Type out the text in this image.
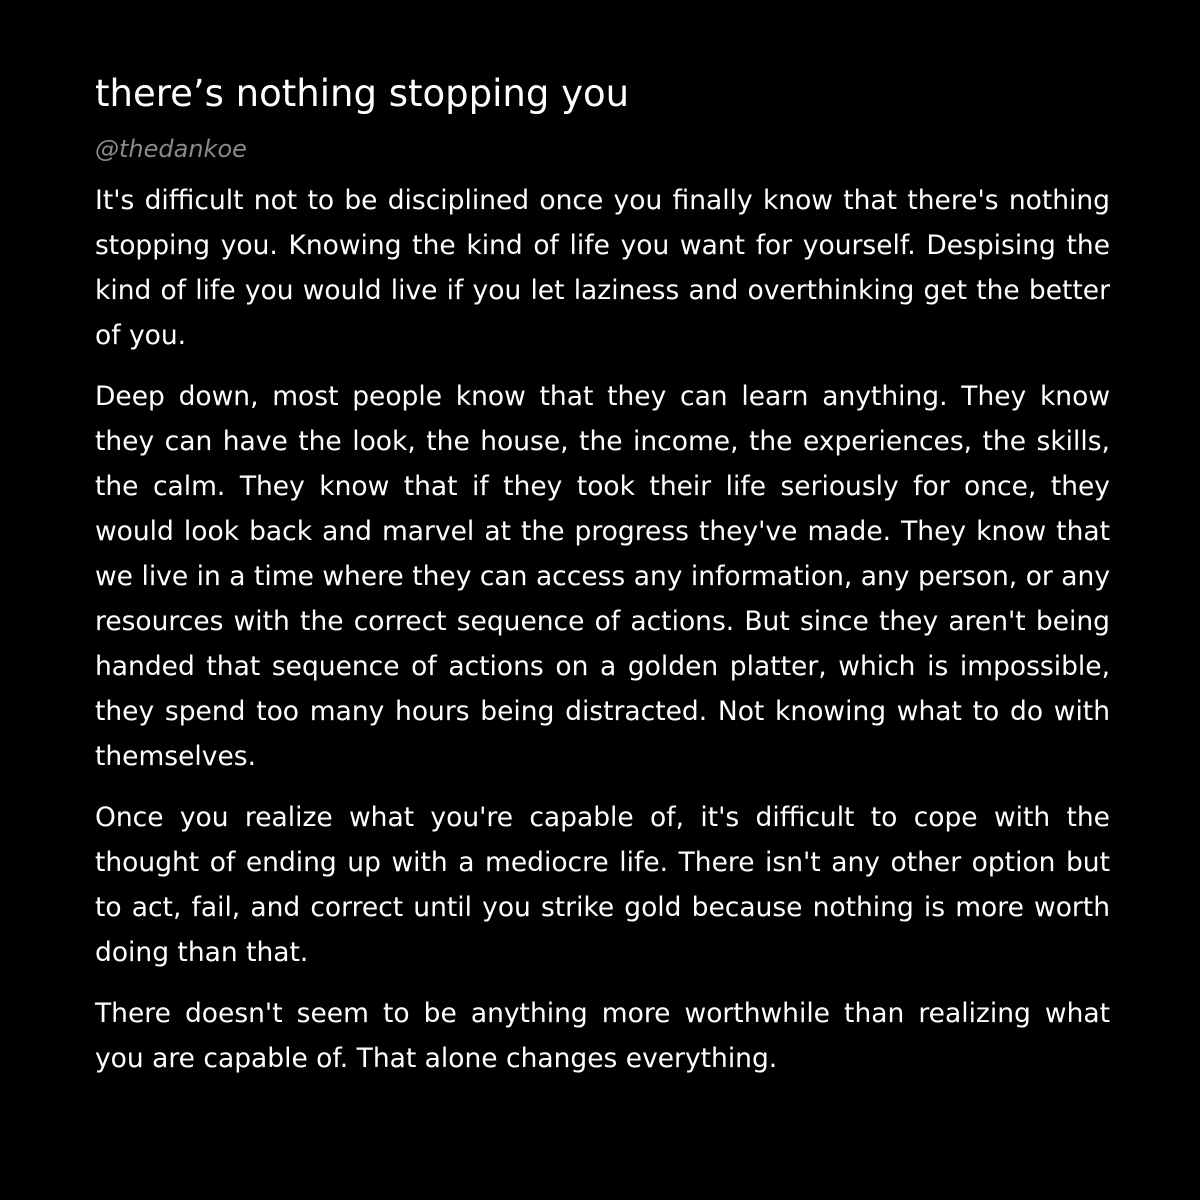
there’s nothing stopping you
@thedankoe

It's difficult not to be disciplined once you finally know that there's nothing stopping you. Knowing the kind of life you want for yourself. Despising the kind of life you would live if you let laziness and overthinking get the better of you.

Deep down, most people know that they can learn anything. They know they can have the look, the house, the income, the experiences, the skills, the calm. They know that if they took their life seriously for once, they would look back and marvel at the progress they've made. They know that we live in a time where they can access any information, any person, or any resources with the correct sequence of actions. But since they aren't being handed that sequence of actions on a golden platter, which is impossible, they spend too many hours being distracted. Not knowing what to do with themselves.

Once you realize what you're capable of, it's difficult to cope with the thought of ending up with a mediocre life. There isn't any other option but to act, fail, and correct until you strike gold because nothing is more worth doing than that.

There doesn't seem to be anything more worthwhile than realizing what you are capable of. That alone changes everything.
